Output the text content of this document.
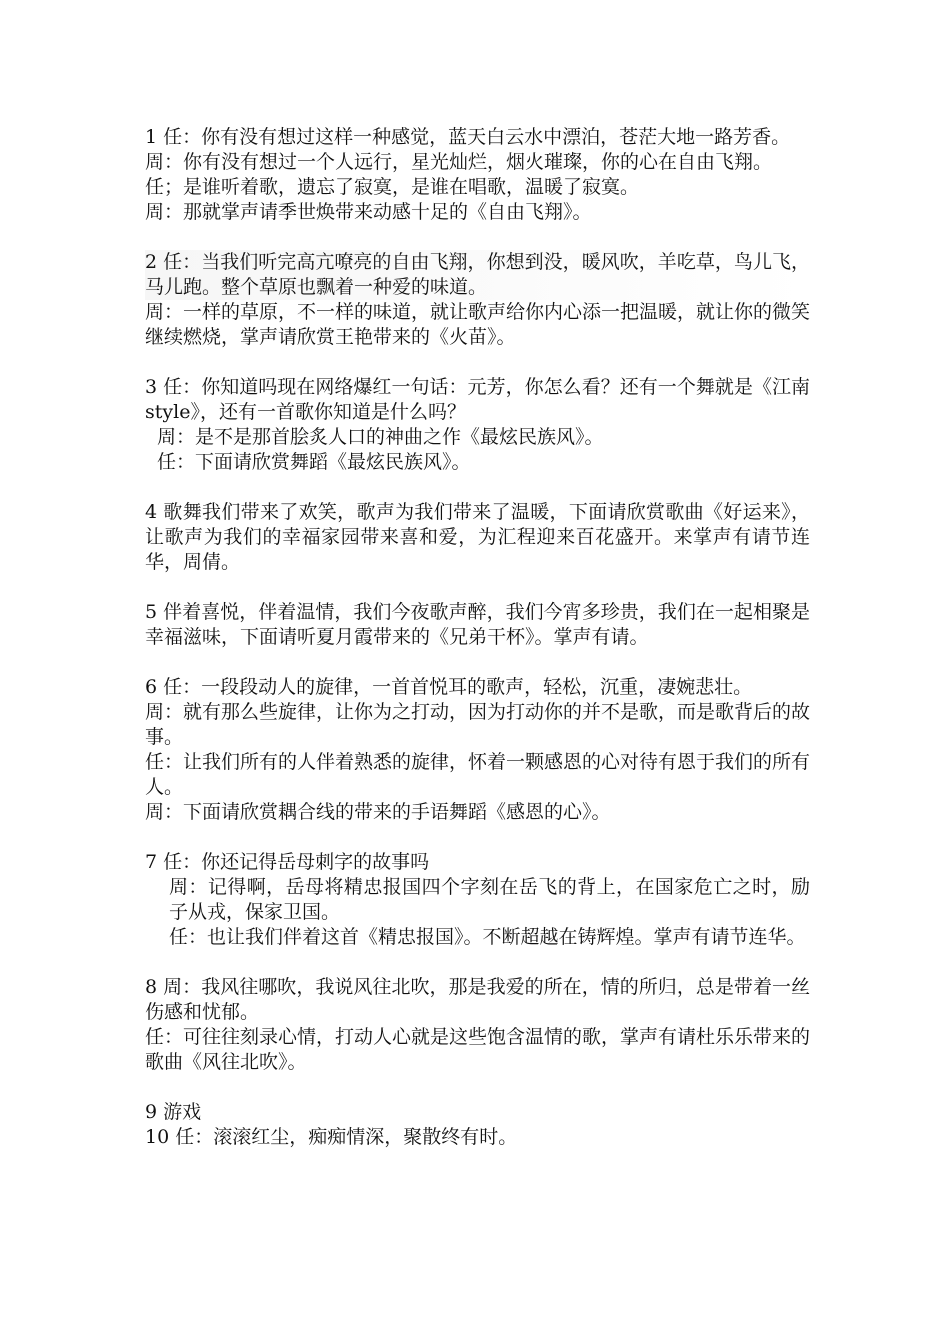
1 任：你有没有想过这样一种感觉，蓝天白云水中漂泊，苍茫大地一路芳香。

周：你有没有想过一个人远行，星光灿烂，烟火璀璨，你的心在自由飞翔。

任；是谁听着歌，遗忘了寂寞，是谁在唱歌，温暖了寂寞。

周：那就掌声请季世焕带来动感十足的《自由飞翔》。

2 任：当我们听完高亢嘹亮的自由飞翔，你想到没，暖风吹，羊吃草，鸟儿飞，马儿跑。整个草原也飘着一种爱的味道。

周：一样的草原，不一样的味道，就让歌声给你内心添一把温暖，就让你的微笑继续燃烧，掌声请欣赏王艳带来的《火苗》。

3 任：你知道吗现在网络爆红一句话：元芳，你怎么看？还有一个舞就是《江南 style》，还有一首歌你知道是什么吗？

周：是不是那首脍炙人口的神曲之作《最炫民族风》。

任：下面请欣赏舞蹈《最炫民族风》。

4 歌舞我们带来了欢笑，歌声为我们带来了温暖，下面请欣赏歌曲《好运来》，让歌声为我们的幸福家园带来喜和爱，为汇程迎来百花盛开。来掌声有请节连华，周倩。

5 伴着喜悦，伴着温情，我们今夜歌声醉，我们今宵多珍贵，我们在一起相聚是幸福滋味，下面请听夏月霞带来的《兄弟干杯》。掌声有请。

6 任：一段段动人的旋律，一首首悦耳的歌声，轻松，沉重，凄婉悲壮。

周：就有那么些旋律，让你为之打动，因为打动你的并不是歌，而是歌背后的故事。

任：让我们所有的人伴着熟悉的旋律，怀着一颗感恩的心对待有恩于我们的所有人。

周：下面请欣赏耦合线的带来的手语舞蹈《感恩的心》。

7 任：你还记得岳母刺字的故事吗

周：记得啊，岳母将精忠报国四个字刻在岳飞的背上，在国家危亡之时，励子从戎，保家卫国。

任：也让我们伴着这首《精忠报国》。不断超越在铸辉煌。掌声有请节连华。

8 周：我风往哪吹，我说风往北吹，那是我爱的所在，情的所归，总是带着一丝伤感和忧郁。

任：可往往刻录心情，打动人心就是这些饱含温情的歌，掌声有请杜乐乐带来的歌曲《风往北吹》。

9 游戏

10 任：滚滚红尘，痴痴情深，聚散终有时。
